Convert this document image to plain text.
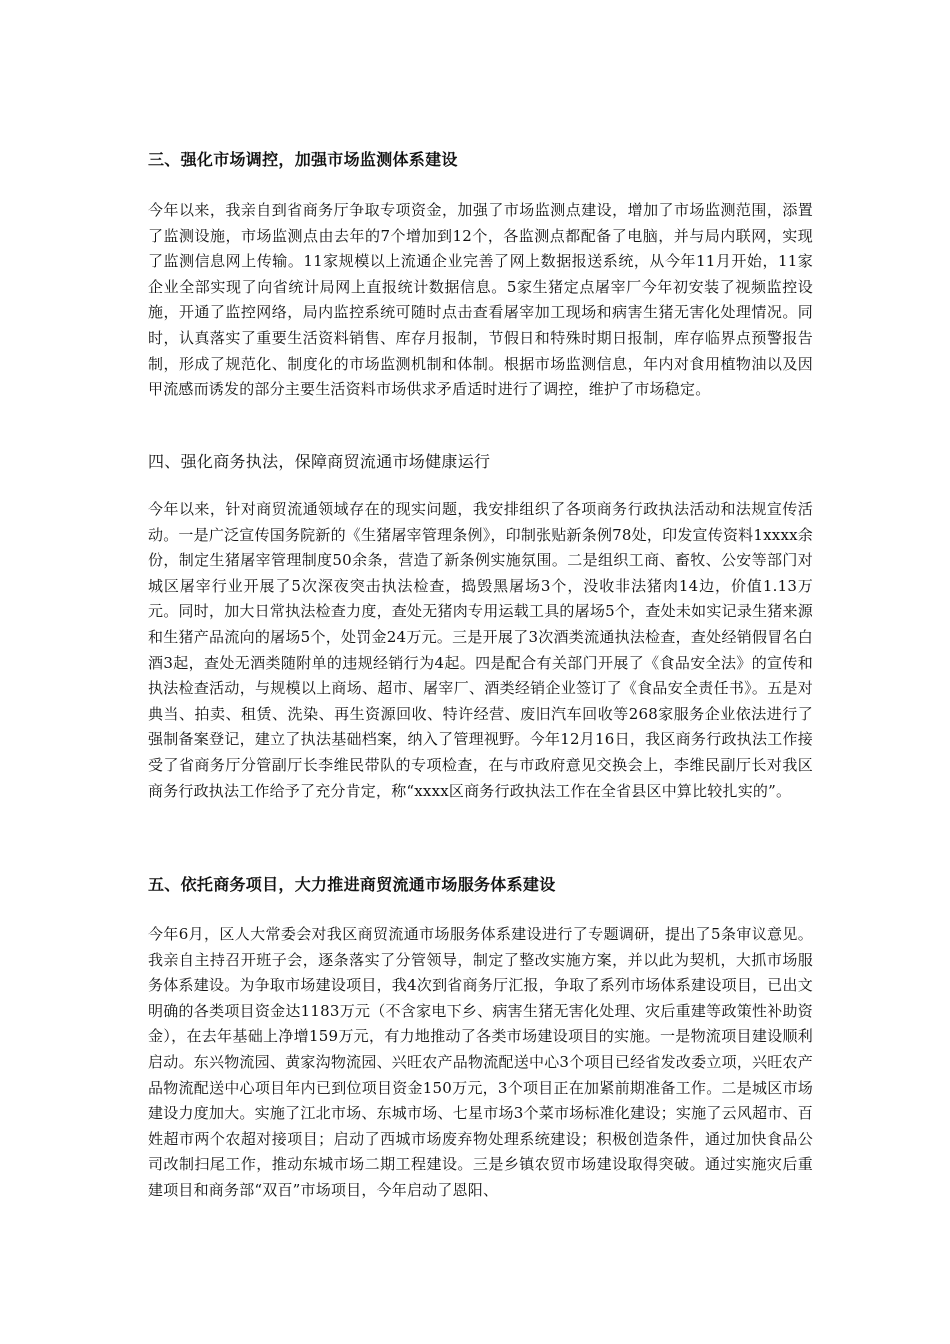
三、强化市场调控，加强市场监测体系建设

今年以来，我亲自到省商务厅争取专项资金，加强了市场监测点建设，增加了市场监测范围，添置了监测设施，市场监测点由去年的7个增加到12个，各监测点都配备了电脑，并与局内联网，实现了监测信息网上传输。11家规模以上流通企业完善了网上数据报送系统，从今年11月开始，11家企业全部实现了向省统计局网上直报统计数据信息。5家生猪定点屠宰厂今年初安装了视频监控设施，开通了监控网络，局内监控系统可随时点击查看屠宰加工现场和病害生猪无害化处理情况。同时，认真落实了重要生活资料销售、库存月报制，节假日和特殊时期日报制，库存临界点预警报告制，形成了规范化、制度化的市场监测机制和体制。根据市场监测信息，年内对食用植物油以及因甲流感而诱发的部分主要生活资料市场供求矛盾适时进行了调控，维护了市场稳定。

四、强化商务执法，保障商贸流通市场健康运行

今年以来，针对商贸流通领域存在的现实问题，我安排组织了各项商务行政执法活动和法规宣传活动。一是广泛宣传国务院新的《生猪屠宰管理条例》，印制张贴新条例78处，印发宣传资料1xxxx余份，制定生猪屠宰管理制度50余条，营造了新条例实施氛围。二是组织工商、畜牧、公安等部门对城区屠宰行业开展了5次深夜突击执法检查，捣毁黑屠场3个，没收非法猪肉14边，价值1.13万元。同时，加大日常执法检查力度，查处无猪肉专用运载工具的屠场5个，查处未如实记录生猪来源和生猪产品流向的屠场5个，处罚金24万元。三是开展了3次酒类流通执法检查，查处经销假冒名白酒3起，查处无酒类随附单的违规经销行为4起。四是配合有关部门开展了《食品安全法》的宣传和执法检查活动，与规模以上商场、超市、屠宰厂、酒类经销企业签订了《食品安全责任书》。五是对典当、拍卖、租赁、洗染、再生资源回收、特许经营、废旧汽车回收等268家服务企业依法进行了强制备案登记，建立了执法基础档案，纳入了管理视野。今年12月16日，我区商务行政执法工作接受了省商务厅分管副厅长李维民带队的专项检查，在与市政府意见交换会上，李维民副厅长对我区商务行政执法工作给予了充分肯定，称“xxxx区商务行政执法工作在全省县区中算比较扎实的”。

五、依托商务项目，大力推进商贸流通市场服务体系建设

今年6月，区人大常委会对我区商贸流通市场服务体系建设进行了专题调研，提出了5条审议意见。我亲自主持召开班子会，逐条落实了分管领导，制定了整改实施方案，并以此为契机，大抓市场服务体系建设。为争取市场建设项目，我4次到省商务厅汇报，争取了系列市场体系建设项目，已出文明确的各类项目资金达1183万元（不含家电下乡、病害生猪无害化处理、灾后重建等政策性补助资金），在去年基础上净增159万元，有力地推动了各类市场建设项目的实施。一是物流项目建设顺利启动。东兴物流园、黄家沟物流园、兴旺农产品物流配送中心3个项目已经省发改委立项，兴旺农产品物流配送中心项目年内已到位项目资金150万元，3个项目正在加紧前期准备工作。二是城区市场建设力度加大。实施了江北市场、东城市场、七星市场3个菜市场标准化建设；实施了云风超市、百姓超市两个农超对接项目；启动了西城市场废弃物处理系统建设；积极创造条件，通过加快食品公司改制扫尾工作，推动东城市场二期工程建设。三是乡镇农贸市场建设取得突破。通过实施灾后重建项目和商务部“双百”市场项目，今年启动了恩阳、
